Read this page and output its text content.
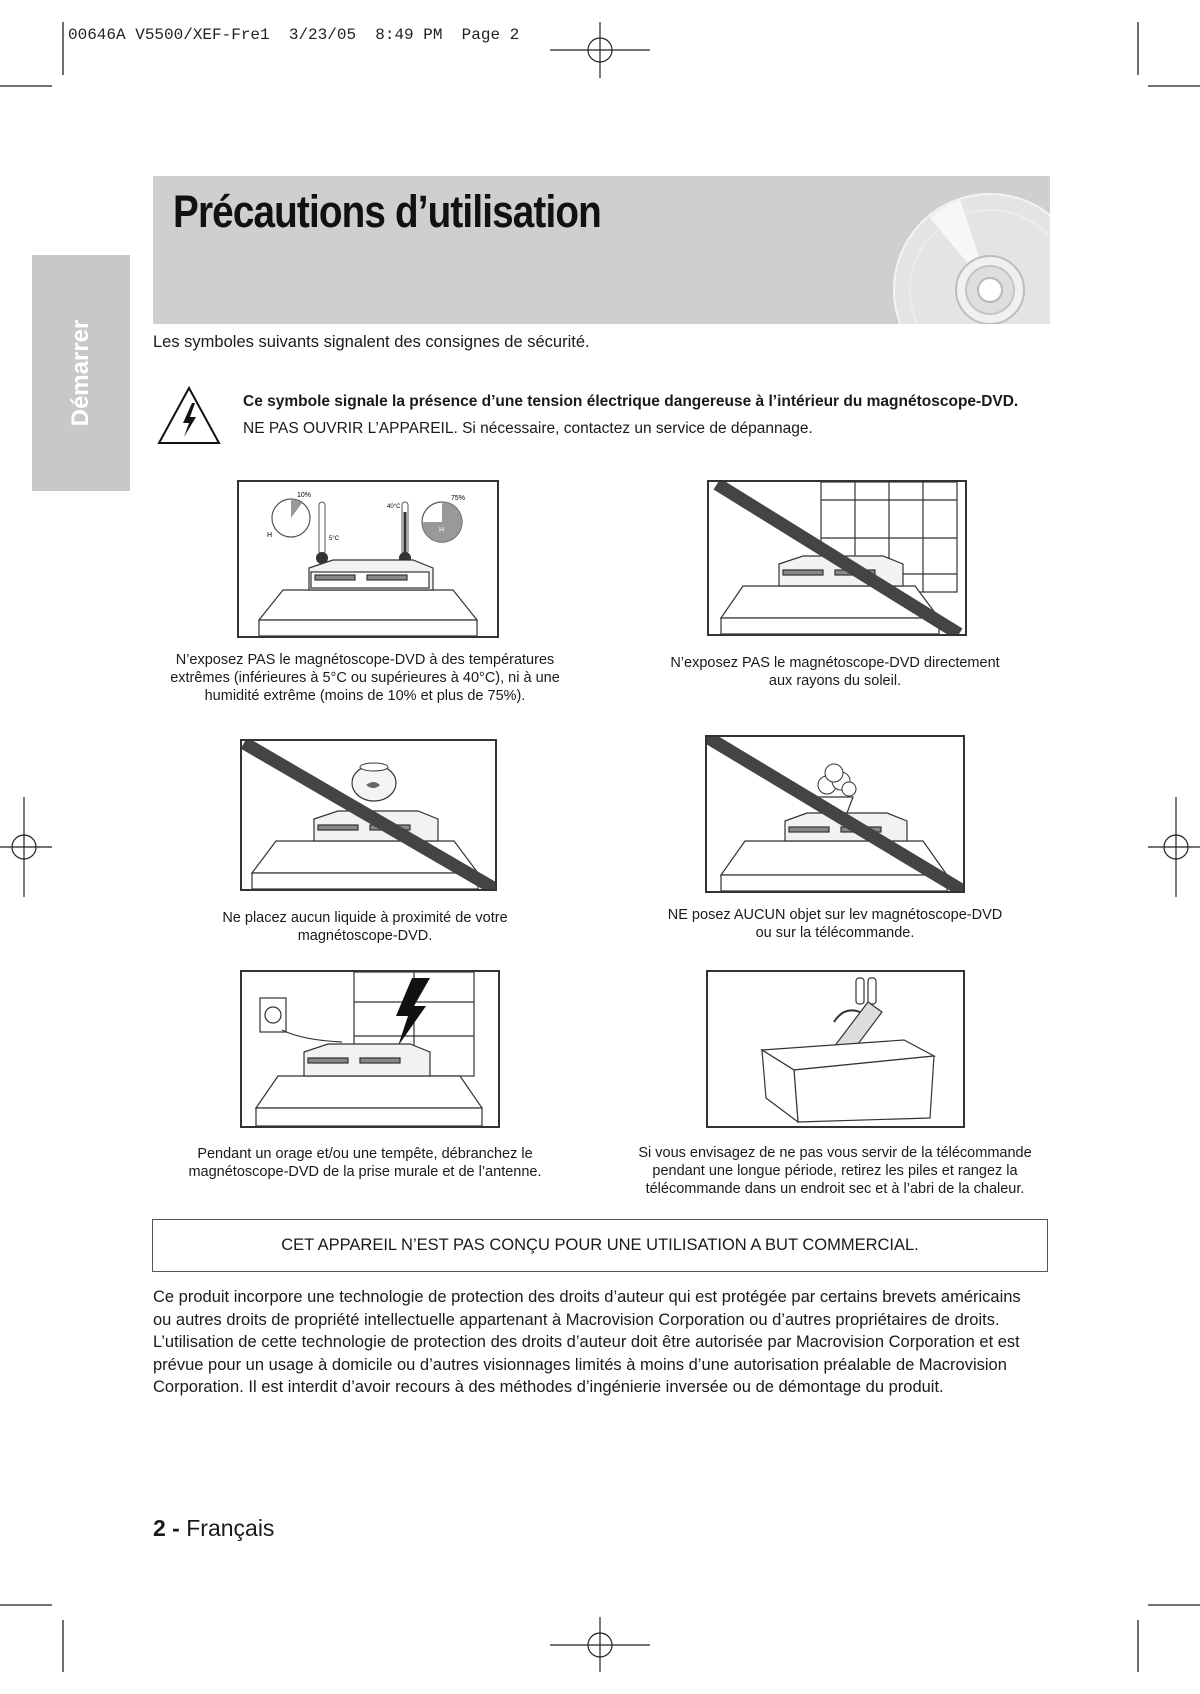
00646A V5500/XEF-Fre1  3/23/05  8:49 PM  Page 2
Démarrer
Précautions d’utilisation
Les symboles suivants signalent des consignes de sécurité.
Ce symbole signale la présence d’une tension électrique dangereuse à l’intérieur du magnétoscope-DVD.
NE PAS OUVRIR L’APPAREIL. Si nécessaire, contactez un service de dépannage.
H
10%
5°C
40°C
H
75%
N’exposez PAS le magnétoscope-DVD à des températures
extrêmes (inférieures à 5°C ou supérieures à 40°C), ni à une
humidité extrême (moins de 10% et plus de 75%).
N’exposez PAS le magnétoscope-DVD directement
aux rayons du soleil.
Ne placez aucun liquide à proximité de votre
magnétoscope-DVD.
NE posez AUCUN objet sur lev magnétoscope-DVD
ou sur la télécommande.
Pendant un orage et/ou une tempête, débranchez le
magnétoscope-DVD de la prise murale et de l’antenne.
Si vous envisagez de ne pas vous servir de la télécommande
pendant une longue période, retirez les piles et rangez la
télécommande dans un endroit sec et à l’abri de la chaleur.
CET APPAREIL N’EST PAS CONÇU POUR UNE UTILISATION A BUT COMMERCIAL.
Ce produit incorpore une technologie de protection des droits d’auteur qui est protégée par certains brevets américains
ou autres droits de propriété intellectuelle appartenant à Macrovision Corporation ou d’autres propriétaires de droits.
L’utilisation de cette technologie de protection des droits d’auteur doit être autorisée par Macrovision Corporation et est
prévue pour un usage à domicile ou d’autres visionnages limités à moins d’une autorisation préalable de Macrovision
Corporation. Il est interdit d’avoir recours à des méthodes d’ingénierie inversée ou de démontage du produit.
2 - Français
